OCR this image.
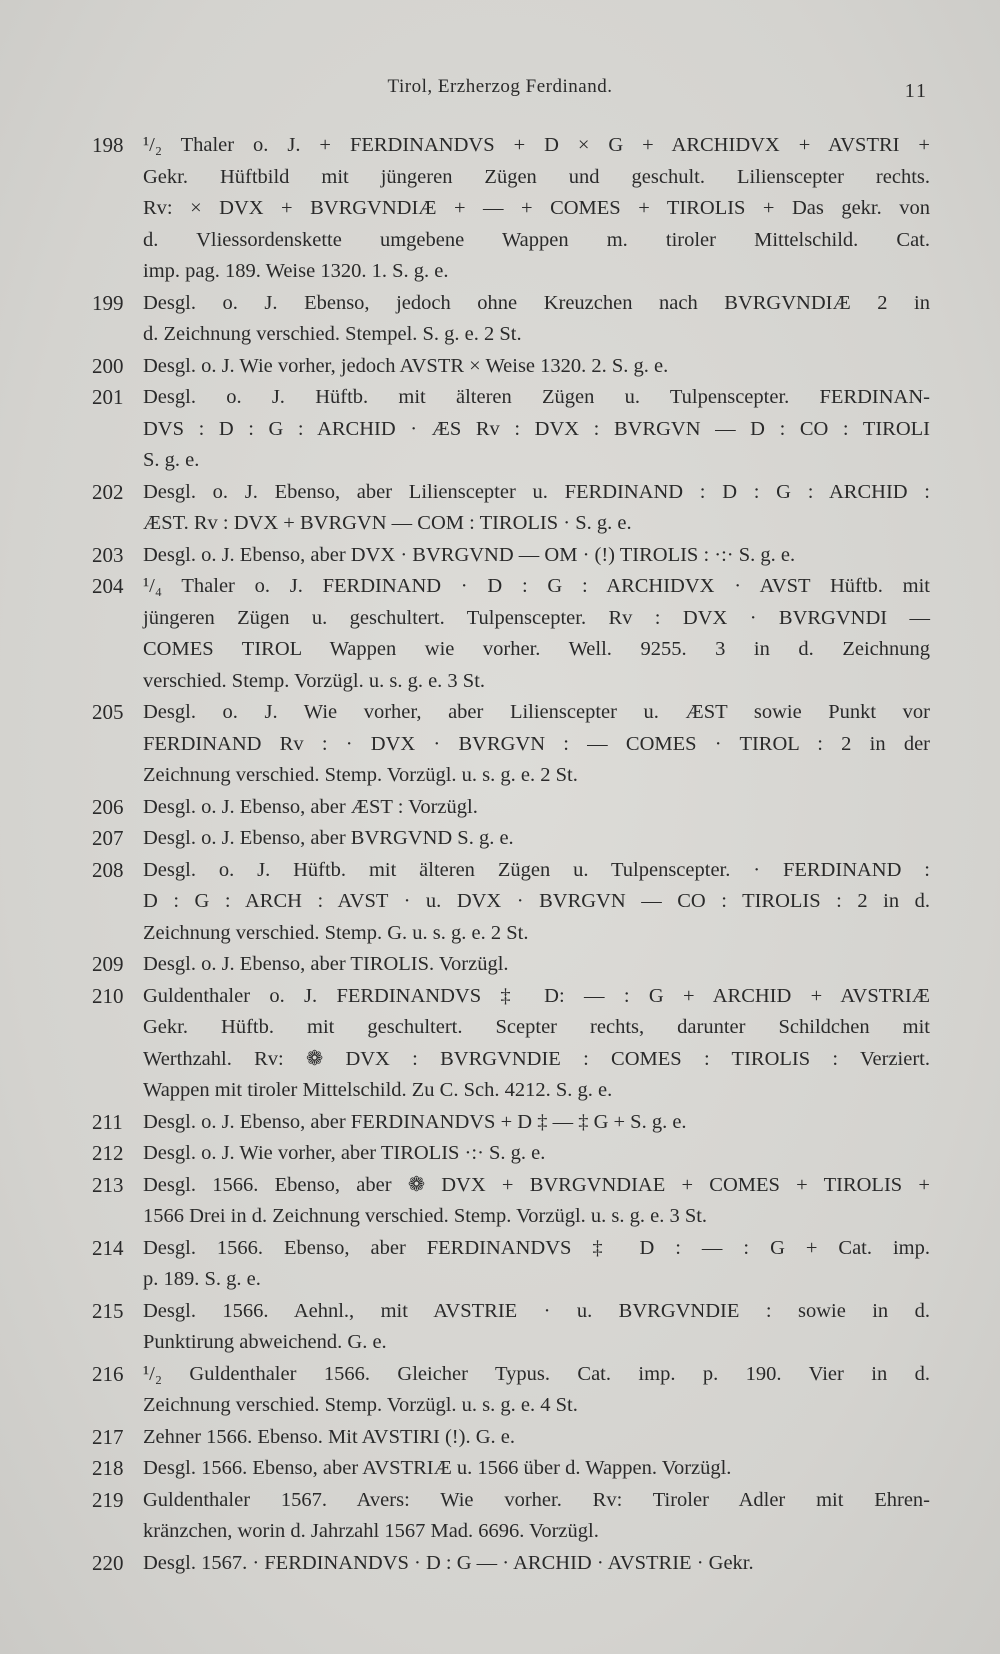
Tirol, Erzherzog Ferdinand.	11
198 ¹/₂ Thaler o. J. + FERDINANDVS + D × G + ARCHIDVX + AVSTRI +
Gekr. Hüftbild mit jüngeren Zügen und geschult. Lilienscepter rechts.
Rv: × DVX + BVRGVNDIÆ + — + COMES + TIROLIS + Das gekr. von
d. Vliessordenskette umgebene Wappen m. tiroler Mittelschild. Cat.
imp. pag. 189. Weise 1320. 1. S. g. e.
199 Desgl. o. J. Ebenso, jedoch ohne Kreuzchen nach BVRGVNDIÆ 2 in
d. Zeichnung verschied. Stempel. S. g. e. 2 St.
200 Desgl. o. J. Wie vorher, jedoch AVSTR × Weise 1320. 2. S. g. e.
201 Desgl. o. J. Hüftb. mit älteren Zügen u. Tulpenscepter. FERDINAN-
DVS : D : G : ARCHID · ÆS Rv : DVX : BVRGVN — D : CO : TIROLI
S. g. e.
202 Desgl. o. J. Ebenso, aber Lilienscepter u. FERDINAND : D : G : ARCHID :
ÆST. Rv : DVX + BVRGVN — COM : TIROLIS · S. g. e.
203 Desgl. o. J. Ebenso, aber DVX · BVRGVND — OM · (!) TIROLIS : ·:· S. g. e.
204 ¹/₄ Thaler o. J. FERDINAND · D : G : ARCHIDVX · AVST Hüftb. mit
jüngeren Zügen u. geschultert. Tulpenscepter. Rv : DVX · BVRGVNDI —
COMES TIROL Wappen wie vorher. Well. 9255. 3 in d. Zeichnung
verschied. Stemp. Vorzügl. u. s. g. e. 3 St.
205 Desgl. o. J. Wie vorher, aber Lilienscepter u. ÆST sowie Punkt vor
FERDINAND Rv : · DVX · BVRGVN : — COMES · TIROL : 2 in der
Zeichnung verschied. Stemp. Vorzügl. u. s. g. e. 2 St.
206 Desgl. o. J. Ebenso, aber ÆST : Vorzügl.
207 Desgl. o. J. Ebenso, aber BVRGVND S. g. e.
208 Desgl. o. J. Hüftb. mit älteren Zügen u. Tulpenscepter. · FERDINAND :
D : G : ARCH : AVST · u. DVX · BVRGVN — CO : TIROLIS : 2 in d.
Zeichnung verschied. Stemp. G. u. s. g. e. 2 St.
209 Desgl. o. J. Ebenso, aber TIROLIS. Vorzügl.
210 Guldenthaler o. J. FERDINANDVS ‡ D: — : G + ARCHID + AVSTRIÆ
Gekr. Hüftb. mit geschultert. Scepter rechts, darunter Schildchen mit
Werthzahl. Rv: ❁ DVX : BVRGVNDIE : COMES : TIROLIS : Verziert.
Wappen mit tiroler Mittelschild. Zu C. Sch. 4212. S. g. e.
211 Desgl. o. J. Ebenso, aber FERDINANDVS + D ‡ — ‡ G + S. g. e.
212 Desgl. o. J. Wie vorher, aber TIROLIS ·:· S. g. e.
213 Desgl. 1566. Ebenso, aber ❁ DVX + BVRGVNDIAE + COMES + TIROLIS +
1566 Drei in d. Zeichnung verschied. Stemp. Vorzügl. u. s. g. e. 3 St.
214 Desgl. 1566. Ebenso, aber FERDINANDVS ‡ D : — : G + Cat. imp.
p. 189. S. g. e.
215 Desgl. 1566. Aehnl., mit AVSTRIE · u. BVRGVNDIE : sowie in d.
Punktirung abweichend. G. e.
216 ¹/₂ Guldenthaler 1566. Gleicher Typus. Cat. imp. p. 190. Vier in d.
Zeichnung verschied. Stemp. Vorzügl. u. s. g. e. 4 St.
217 Zehner 1566. Ebenso. Mit AVSTIRI (!). G. e.
218 Desgl. 1566. Ebenso, aber AVSTRIÆ u. 1566 über d. Wappen. Vorzügl.
219 Guldenthaler 1567. Avers: Wie vorher. Rv: Tiroler Adler mit Ehren-
kränzchen, worin d. Jahrzahl 1567 Mad. 6696. Vorzügl.
220 Desgl. 1567. · FERDINANDVS · D : G — · ARCHID · AVSTRIE · Gekr.
